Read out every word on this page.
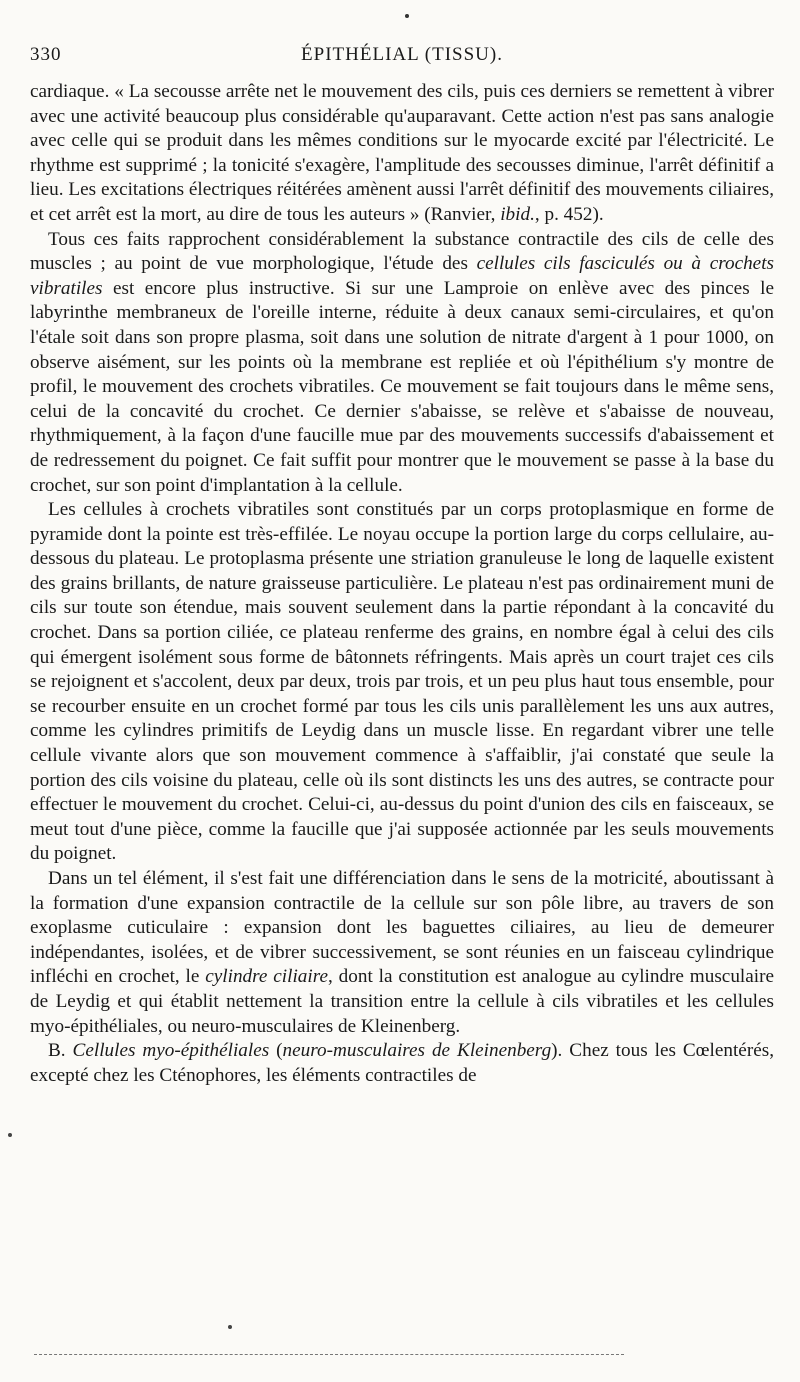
330	ÉPITHÉLIAL (TISSU).

cardiaque. « La secousse arrête net le mouvement des cils, puis ces derniers se remettent à vibrer avec une activité beaucoup plus considérable qu'auparavant. Cette action n'est pas sans analogie avec celle qui se produit dans les mêmes conditions sur le myocarde excité par l'électricité. Le rhythme est supprimé ; la tonicité s'exagère, l'amplitude des secousses diminue, l'arrêt définitif a lieu. Les excitations électriques réitérées amènent aussi l'arrêt définitif des mouvements ciliaires, et cet arrêt est la mort, au dire de tous les auteurs » (Ranvier, ibid., p. 452).

Tous ces faits rapprochent considérablement la substance contractile des cils de celle des muscles ; au point de vue morphologique, l'étude des cellules cils fasciculés ou à crochets vibratiles est encore plus instructive. Si sur une Lamproie on enlève avec des pinces le labyrinthe membraneux de l'oreille interne, réduite à deux canaux semi-circulaires, et qu'on l'étale soit dans son propre plasma, soit dans une solution de nitrate d'argent à 1 pour 1000, on observe aisément, sur les points où la membrane est repliée et où l'épithélium s'y montre de profil, le mouvement des crochets vibratiles. Ce mouvement se fait toujours dans le même sens, celui de la concavité du crochet. Ce dernier s'abaisse, se relève et s'abaisse de nouveau, rhythmiquement, à la façon d'une faucille mue par des mouvements successifs d'abaissement et de redressement du poignet. Ce fait suffit pour montrer que le mouvement se passe à la base du crochet, sur son point d'implantation à la cellule.

Les cellules à crochets vibratiles sont constitués par un corps protoplasmique en forme de pyramide dont la pointe est très-effilée. Le noyau occupe la portion large du corps cellulaire, au-dessous du plateau. Le protoplasma présente une striation granuleuse le long de laquelle existent des grains brillants, de nature graisseuse particulière. Le plateau n'est pas ordinairement muni de cils sur toute son étendue, mais souvent seulement dans la partie répondant à la concavité du crochet. Dans sa portion ciliée, ce plateau renferme des grains, en nombre égal à celui des cils qui émergent isolément sous forme de bâtonnets réfringents. Mais après un court trajet ces cils se rejoignent et s'accolent, deux par deux, trois par trois, et un peu plus haut tous ensemble, pour se recourber ensuite en un crochet formé par tous les cils unis parallèlement les uns aux autres, comme les cylindres primitifs de Leydig dans un muscle lisse. En regardant vibrer une telle cellule vivante alors que son mouvement commence à s'affaiblir, j'ai constaté que seule la portion des cils voisine du plateau, celle où ils sont distincts les uns des autres, se contracte pour effectuer le mouvement du crochet. Celui-ci, au-dessus du point d'union des cils en faisceaux, se meut tout d'une pièce, comme la faucille que j'ai supposée actionnée par les seuls mouvements du poignet.

Dans un tel élément, il s'est fait une différenciation dans le sens de la motricité, aboutissant à la formation d'une expansion contractile de la cellule sur son pôle libre, au travers de son exoplasme cuticulaire : expansion dont les baguettes ciliaires, au lieu de demeurer indépendantes, isolées, et de vibrer successivement, se sont réunies en un faisceau cylindrique infléchi en crochet, le cylindre ciliaire, dont la constitution est analogue au cylindre musculaire de Leydig et qui établit nettement la transition entre la cellule à cils vibratiles et les cellules myo-épithéliales, ou neuro-musculaires de Kleinenberg.

B. Cellules myo-épithéliales (neuro-musculaires de Kleinenberg). Chez tous les Cœlentérés, excepté chez les Cténophores, les éléments contractiles de
